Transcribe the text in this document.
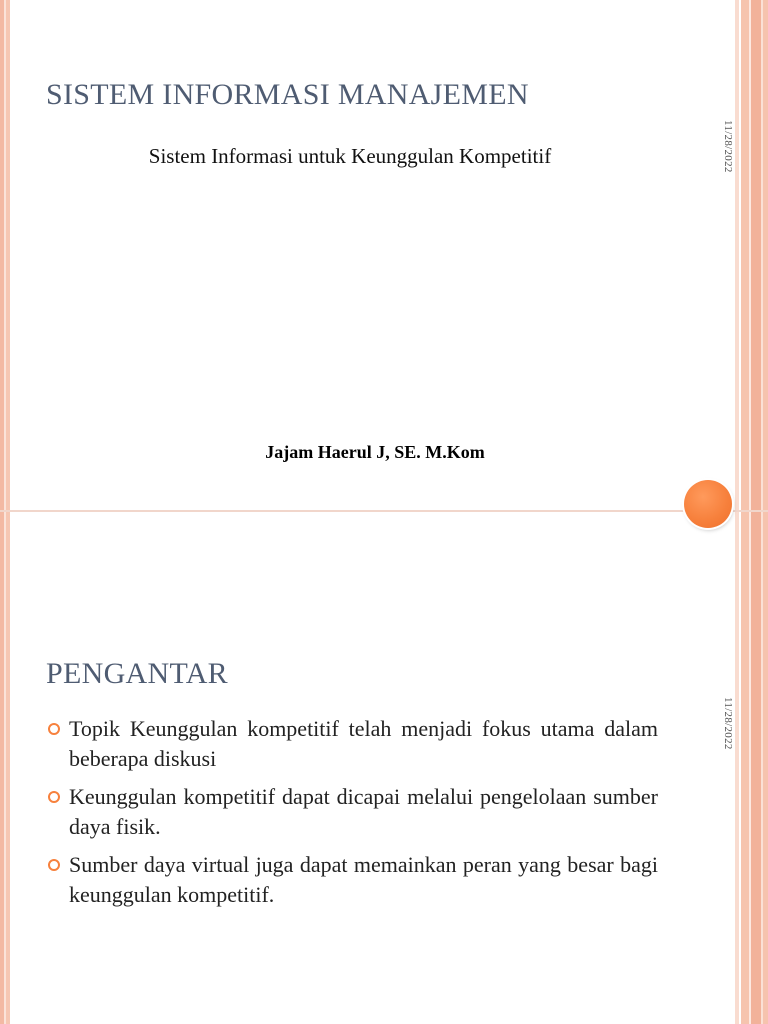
SISTEM INFORMASI MANAJEMEN
Sistem Informasi untuk Keunggulan Kompetitif
Jajam Haerul J, SE. M.Kom
11/28/2022
PENGANTAR
Topik Keunggulan kompetitif telah menjadi fokus utama dalam beberapa diskusi
Keunggulan kompetitif dapat dicapai melalui pengelolaan sumber daya fisik.
Sumber daya virtual juga dapat memainkan peran yang besar bagi keunggulan kompetitif.
11/28/2022
